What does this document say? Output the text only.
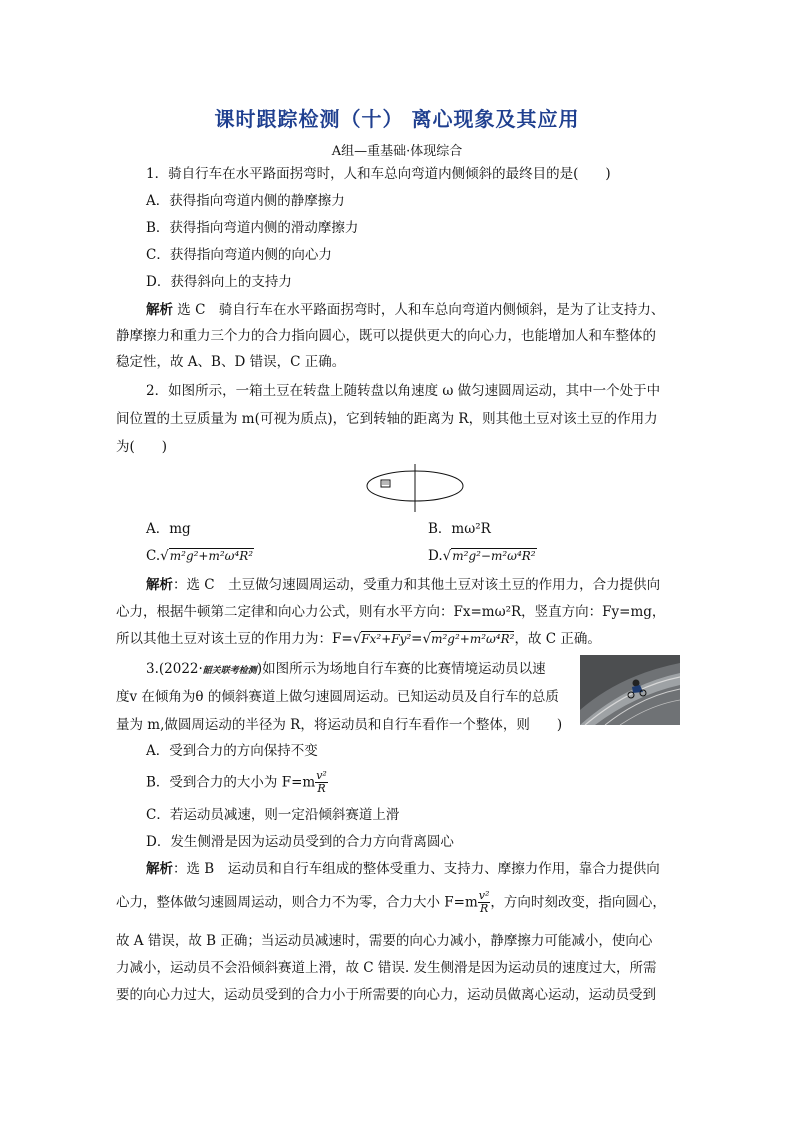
课时跟踪检测（十） 离心现象及其应用
A组—重基础·体现综合
1．骑自行车在水平路面拐弯时，人和车总向弯道内侧倾斜的最终目的是(　　)
A．获得指向弯道内侧的静摩擦力
B．获得指向弯道内侧的滑动摩擦力
C．获得指向弯道内侧的向心力
D．获得斜向上的支持力
解析 选 C　骑自行车在水平路面拐弯时，人和车总向弯道内侧倾斜，是为了让支持力、
静摩擦力和重力三个力的合力指向圆心，既可以提供更大的向心力，也能增加人和车整体的
稳定性，故 A、B、D 错误，C 正确。
2．如图所示，一箱土豆在转盘上随转盘以角速度 ω 做匀速圆周运动，其中一个处于中
间位置的土豆质量为 m(可视为质点)，它到转轴的距离为 R，则其他土豆对该土豆的作用力
为(　　)
A．mg	B．mω²R
C.√m²g²+m²ω⁴R²	D.√m²g²−m²ω⁴R²
解析：选 C　土豆做匀速圆周运动，受重力和其他土豆对该土豆的作用力，合力提供向
心力，根据牛顿第二定律和向心力公式，则有水平方向：Fx=mω²R，竖直方向：Fy=mg，
所以其他土豆对该土豆的作用力为：F=√Fx²+Fy²=√m²g²+m²ω⁴R²，故 C 正确。
3.(2022·韶关联考检测)如图所示为场地自行车赛的比赛情境运动员以速
度v 在倾角为θ 的倾斜赛道上做匀速圆周运动。已知运动员及自行车的总质
量为 m,做圆周运动的半径为 R，将运动员和自行车看作一个整体，则　　)
A．受到合力的方向保持不变
B．受到合力的大小为 $F=m \frac{\text{v²}}{R}$
C．若运动员减速，则一定沿倾斜赛道上滑
D．发生侧滑是因为运动员受到的合力方向背离圆心
解析：选 B　运动员和自行车组成的整体受重力、支持力、摩擦力作用，靠合力提供向
心力，整体做匀速圆周运动，则合力不为零，合力大小 $F=m \frac{\text{v²}}{R}$ ，方向时刻改变，指向圆心，
故 A 错误，故 B 正确；当运动员减速时，需要的向心力减小，静摩擦力可能减小，使向心
力减小，运动员不会沿倾斜赛道上滑，故 C 错误. 发生侧滑是因为运动员的速度过大，所需
要的向心力过大，运动员受到的合力小于所需要的向心力，运动员做离心运动，运动员受到
